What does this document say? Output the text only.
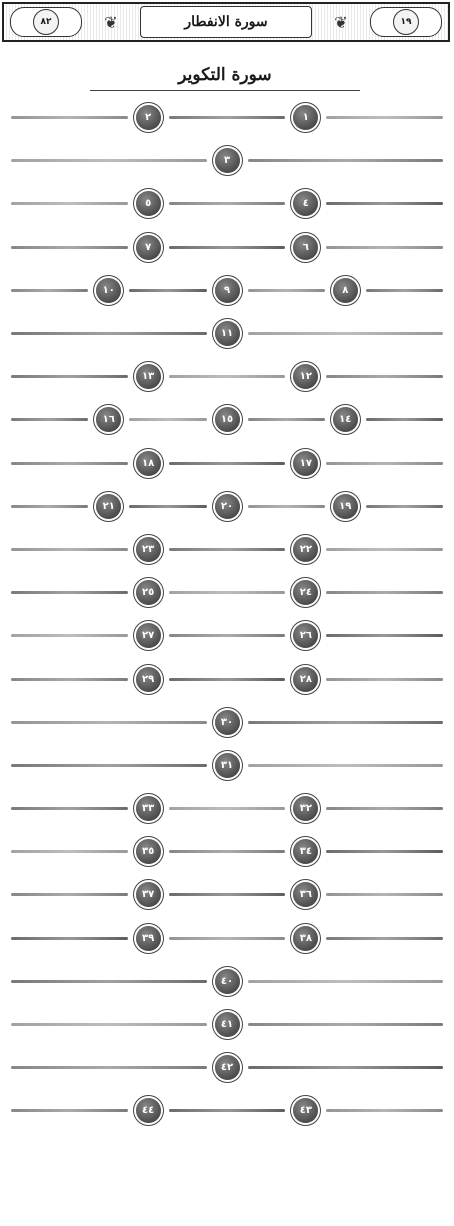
٨٢	❦	سورة الانفطار	❦	١٩
سورة التكوير
١
٢
٣
٤
٥
٦
٧
٨
٩
١٠
١١
١٢
١٣
١٤
١٥
١٦
١٧
١٨
١٩
٢٠
٢١
٢٢
٢٣
٢٤
٢٥
٢٦
٢٧
٢٨
٢٩
٣٠
٣١
٣٢
٣٣
٣٤
٣٥
٣٦
٣٧
٣٨
٣٩
٤٠
٤١
٤٢
٤٣
٤٤
